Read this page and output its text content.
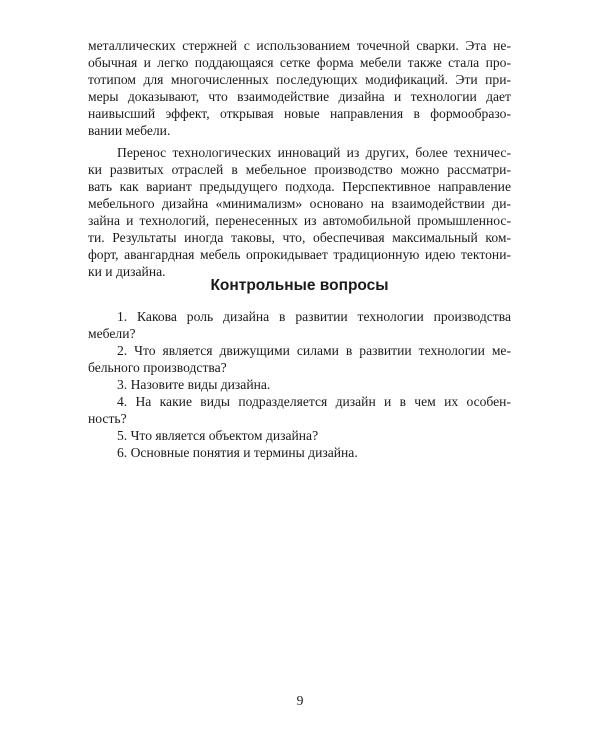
металлических стержней с использованием точечной сварки. Эта не-
обычная и легко поддающаяся сетке форма мебели также стала про-
тотипом для многочисленных последующих модификаций. Эти при-
меры доказывают, что взаимодействие дизайна и технологии дает
наивысший эффект, открывая новые направления в формообразо-
вании мебели.
Перенос технологических инноваций из других, более техничес-
ки развитых отраслей в мебельное производство можно рассматри-
вать как вариант предыдущего подхода. Перспективное направление
мебельного дизайна «минимализм» основано на взаимодействии ди-
зайна и технологий, перенесенных из автомобильной промышленнос-
ти. Результаты иногда таковы, что, обеспечивая максимальный ком-
форт, авангардная мебель опрокидывает традиционную идею тектони-
ки и дизайна.
Контрольные вопросы
1. Какова роль дизайна в развитии технологии производства
мебели?
2. Что является движущими силами в развитии технологии ме-
бельного производства?
3. Назовите виды дизайна.
4. На какие виды подразделяется дизайн и в чем их особен-
ность?
5. Что является объектом дизайна?
6. Основные понятия и термины дизайна.
9
